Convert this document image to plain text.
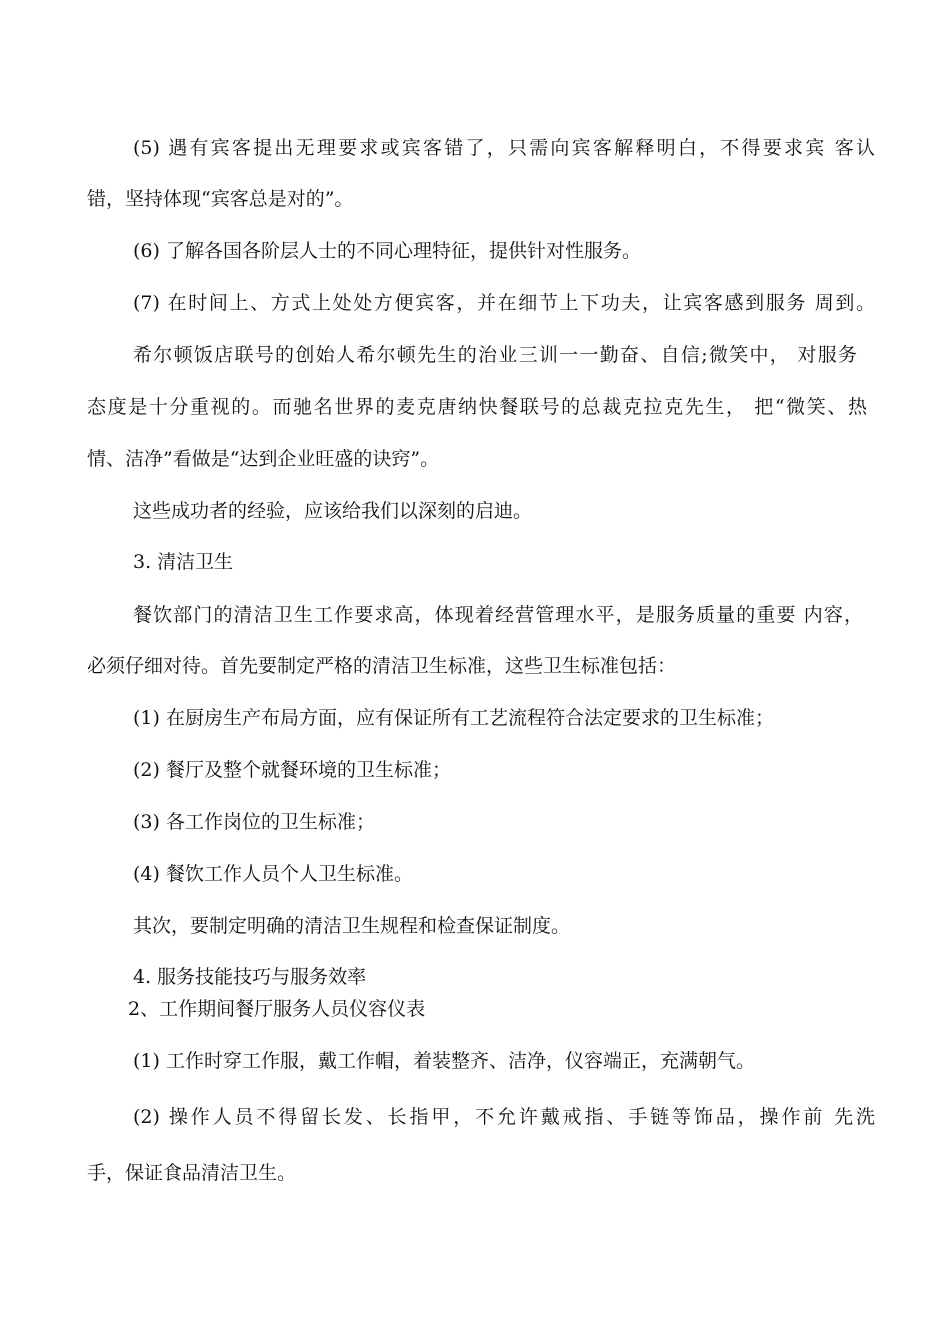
(5) 遇有宾客提出无理要求或宾客错了，只需向宾客解释明白，不得要求宾 客认

错，坚持体现“宾客总是对的”。

(6) 了解各国各阶层人士的不同心理特征，提供针对性服务。

(7) 在时间上、方式上处处方便宾客，并在细节上下功夫，让宾客感到服务 周到。

希尔顿饭店联号的创始人希尔顿先生的治业三训一一勤奋、自信;微笑中， 对服务

态度是十分重视的。而驰名世界的麦克唐纳快餐联号的总裁克拉克先生， 把“微笑、热

情、洁净”看做是“达到企业旺盛的诀窍”。

这些成功者的经验，应该给我们以深刻的启迪。

3. 清洁卫生

餐饮部门的清洁卫生工作要求高，体现着经营管理水平，是服务质量的重要 内容，

必须仔细对待。首先要制定严格的清洁卫生标准，这些卫生标准包括：

(1) 在厨房生产布局方面，应有保证所有工艺流程符合法定要求的卫生标准；

(2) 餐厅及整个就餐环境的卫生标准；

(3) 各工作岗位的卫生标准；

(4) 餐饮工作人员个人卫生标准。

其次，要制定明确的清洁卫生规程和检查保证制度。

4. 服务技能技巧与服务效率

2、工作期间餐厅服务人员仪容仪表

(1) 工作时穿工作服，戴工作帽，着装整齐、洁净，仪容端正，充满朝气。

(2) 操作人员不得留长发、长指甲，不允许戴戒指、手链等饰品，操作前 先洗

手，保证食品清洁卫生。
